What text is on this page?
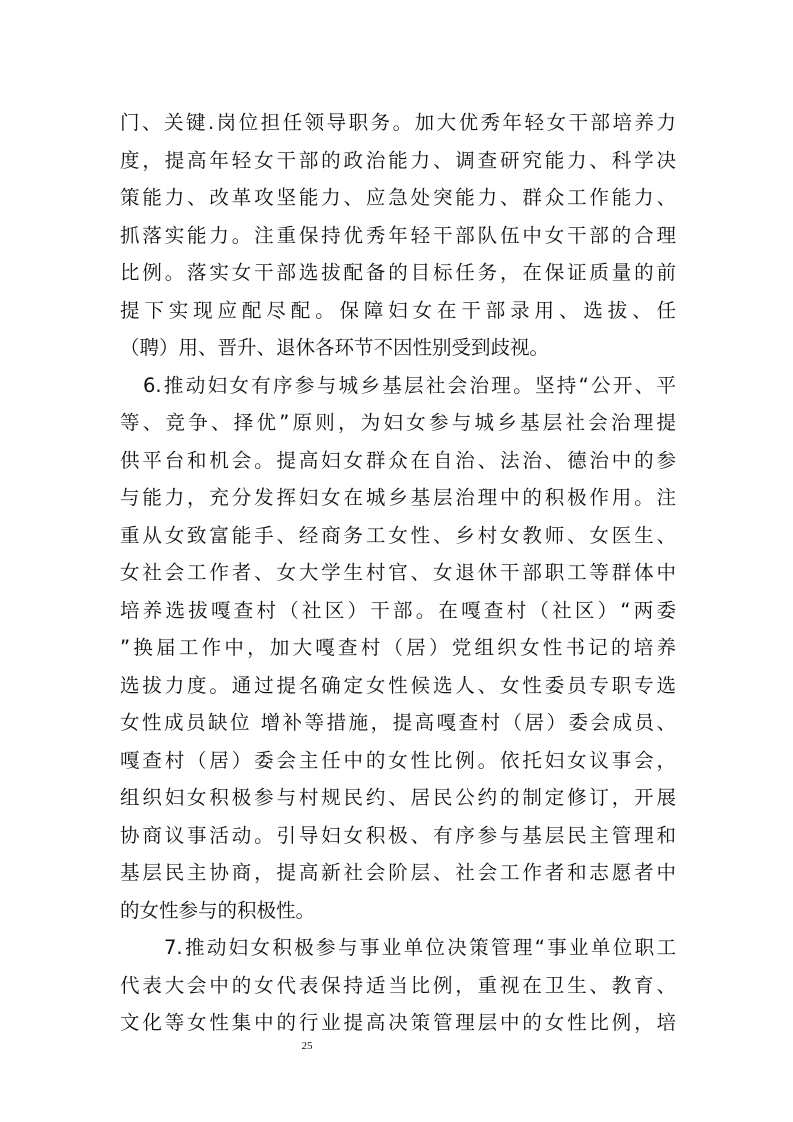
门、关键.岗位担任领导职务。加大优秀年轻女干部培养力
度，提高年轻女干部的政治能力、调查研究能力、科学决
策能力、改革攻坚能力、应急处突能力、群众工作能力、
抓落实能力。注重保持优秀年轻干部队伍中女干部的合理
比例。落实女干部选拔配备的目标任务，在保证质量的前
提下实现应配尽配。保障妇女在干部录用、选拔、任
（聘）用、晋升、退休各环节不因性别受到歧视。
6.推动妇女有序参与城乡基层社会治理。坚持“公开、平
等、竞争、择优”原则，为妇女参与城乡基层社会治理提
供平台和机会。提高妇女群众在自治、法治、德治中的参
与能力，充分发挥妇女在城乡基层治理中的积极作用。注
重从女致富能手、经商务工女性、乡村女教师、女医生、
女社会工作者、女大学生村官、女退休干部职工等群体中
培养选拔嘎查村（社区）干部。在嘎查村（社区）“两委
”换届工作中，加大嘎查村（居）党组织女性书记的培养
选拔力度。通过提名确定女性候选人、女性委员专职专选
女性成员缺位 增补等措施，提高嘎查村（居）委会成员、
嘎查村（居）委会主任中的女性比例。依托妇女议事会，
组织妇女积极参与村规民约、居民公约的制定修订，开展
协商议事活动。引导妇女积极、有序参与基层民主管理和
基层民主协商，提高新社会阶层、社会工作者和志愿者中
的女性参与的积极性。
7.推动妇女积极参与事业单位决策管理“事业单位职工
代表大会中的女代表保持适当比例，重视在卫生、教育、
文化等女性集中的行业提高决策管理层中的女性比例，培
25
